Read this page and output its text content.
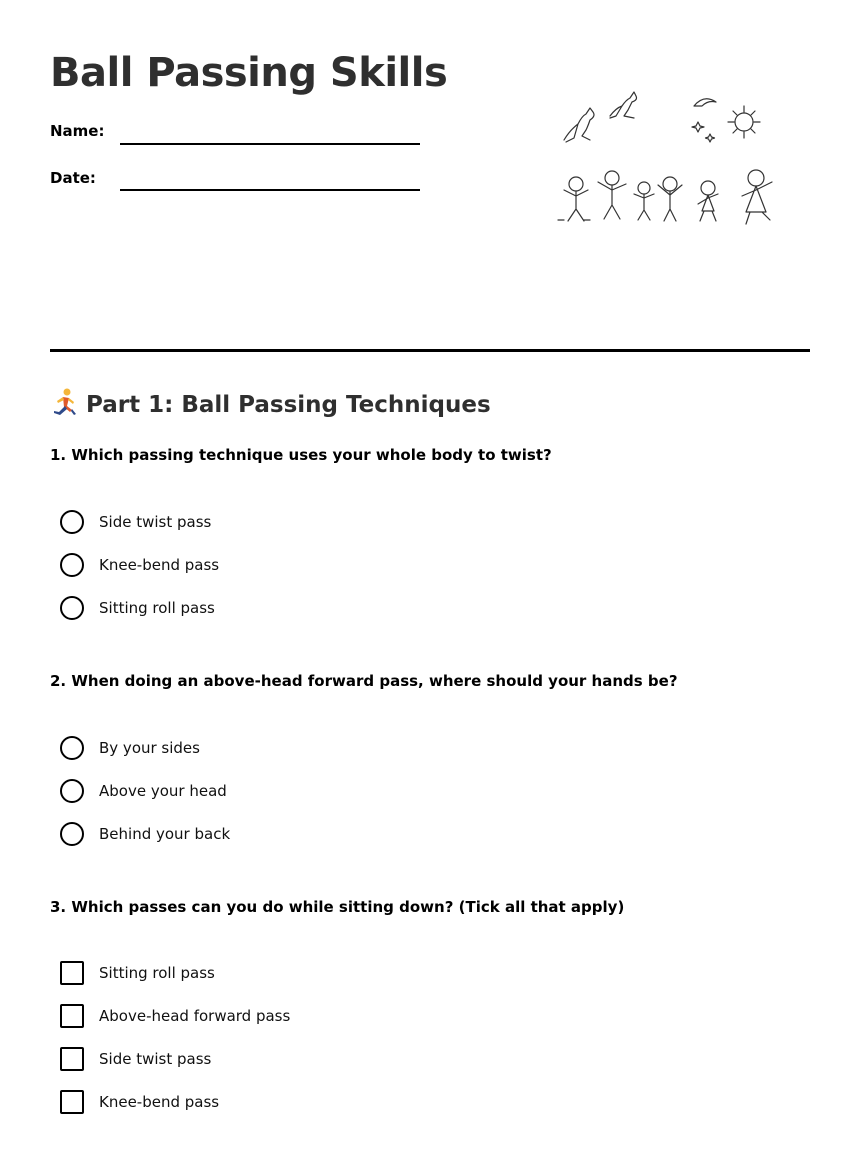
Ball Passing Skills
Name:
Date:
Part 1: Ball Passing Techniques
1. Which passing technique uses your whole body to twist?
Side twist pass
Knee-bend pass
Sitting roll pass
2. When doing an above-head forward pass, where should your hands be?
By your sides
Above your head
Behind your back
3. Which passes can you do while sitting down? (Tick all that apply)
Sitting roll pass
Above-head forward pass
Side twist pass
Knee-bend pass
